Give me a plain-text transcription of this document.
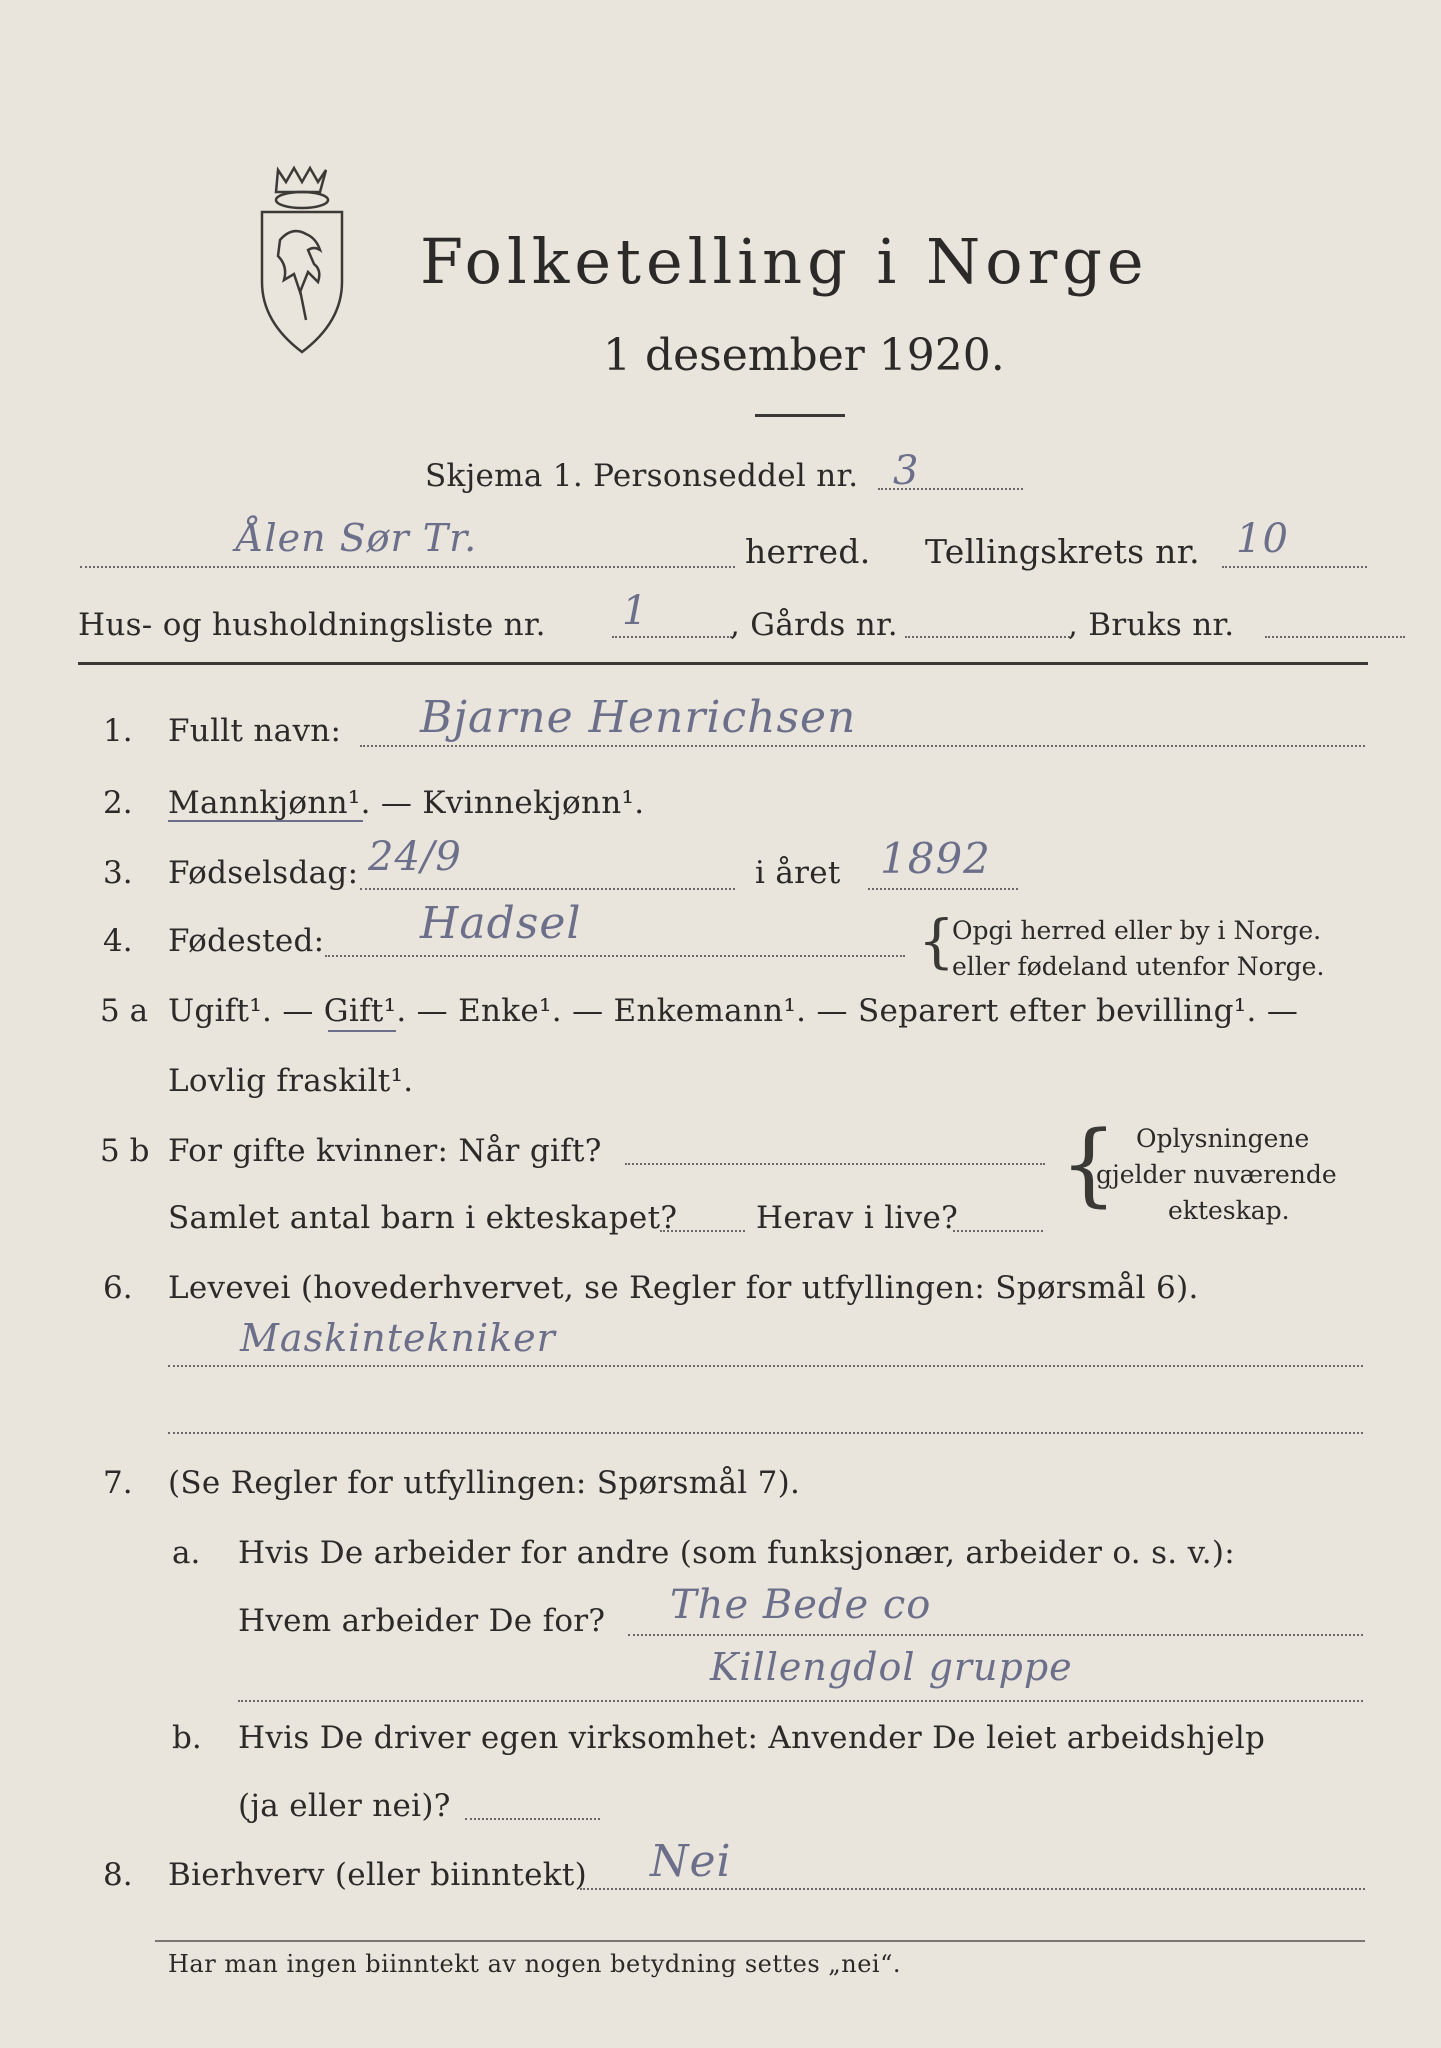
Folketelling i Norge
1 desember 1920.
Skjema 1. Personseddel nr. 3
Ålen Sør Tr.	herred. Tellingskrets nr. 10
Hus- og husholdningsliste nr. 1	, Gårds nr.	, Bruks nr.
1. Fullt navn: Bjarne Henrichsen
2. Mannkjønn¹. — Kvinnekjønn¹.
3. Fødselsdag: 24/9	i året 1892
4. Fødested: Hadsel	{
Opgi herred eller by i Norge.
eller fødeland utenfor Norge.
5 a Ugift¹. — Gift¹. — Enke¹. — Enkemann¹. — Separert efter bevilling¹. —
Lovlig fraskilt¹.
5 b For gifte kvinner: Når gift?
Samlet antal barn i ekteskapet?	Herav i live?
{ Oplysningene
gjelder nuværende
ekteskap.
6. Levevei (hovederhvervet, se Regler for utfyllingen: Spørsmål 6).
Maskintekniker
7. (Se Regler for utfyllingen: Spørsmål 7).
a. Hvis De arbeider for andre (som funksjonær, arbeider o. s. v.):
Hvem arbeider De for? The Bede co
Killengdol gruppe
b. Hvis De driver egen virksomhet: Anvender De leiet arbeidshjelp
(ja eller nei)?
8. Bierhverv (eller biinntekt) Nei
Har man ingen biinntekt av nogen betydning settes „nei“.
